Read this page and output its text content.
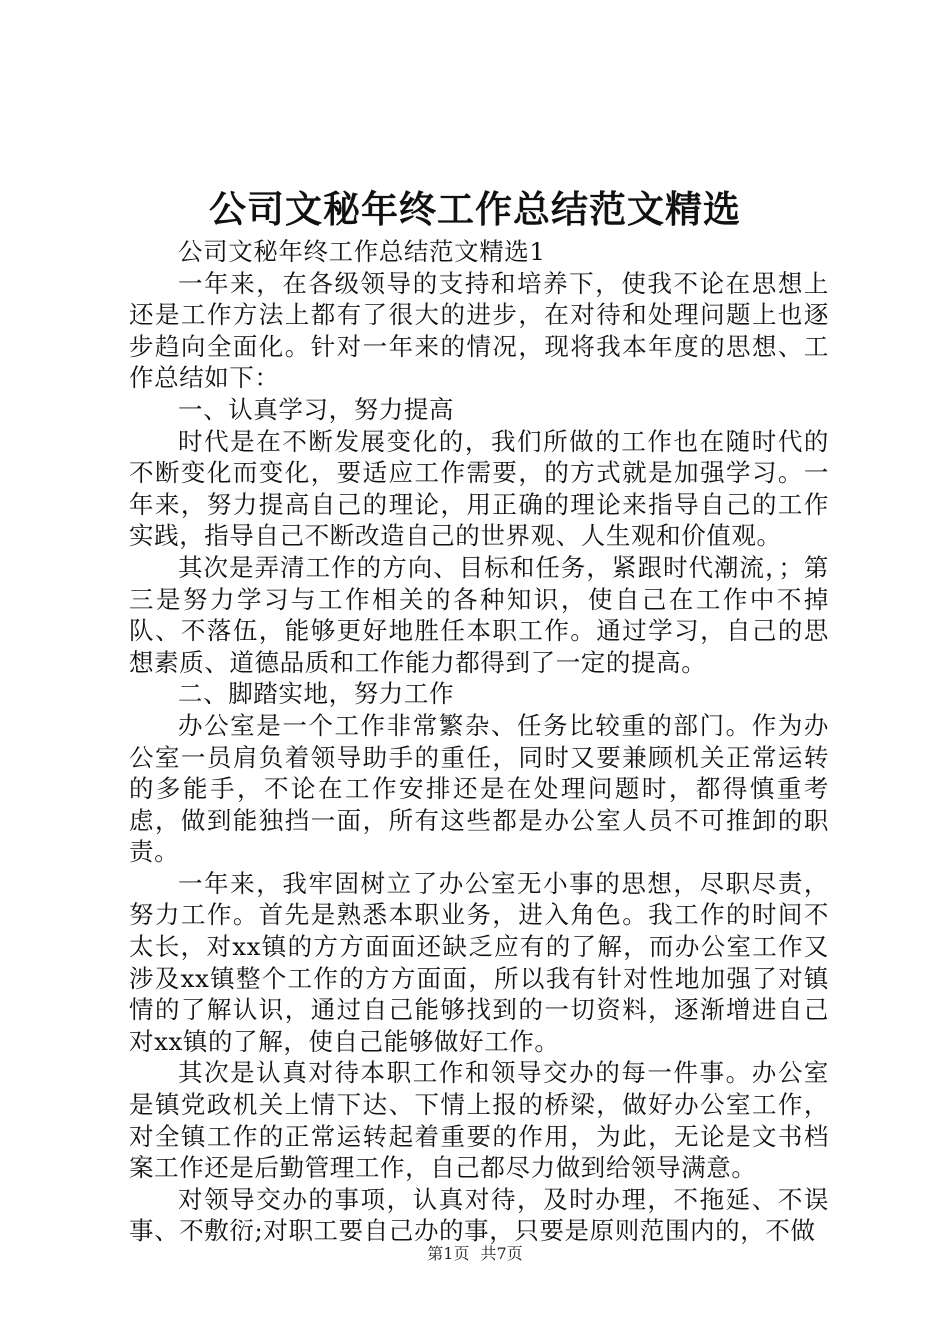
公司文秘年终工作总结范文精选

公司文秘年终工作总结范文精选1

一年来，在各级领导的支持和培养下，使我不论在思想上还是工作方法上都有了很大的进步，在对待和处理问题上也逐步趋向全面化。针对一年来的情况，现将我本年度的思想、工作总结如下：

一、认真学习，努力提高

时代是在不断发展变化的，我们所做的工作也在随时代的不断变化而变化，要适应工作需要，的方式就是加强学习。一年来，努力提高自己的理论，用正确的理论来指导自己的工作实践，指导自己不断改造自己的世界观、人生观和价值观。

其次是弄清工作的方向、目标和任务，紧跟时代潮流，；第三是努力学习与工作相关的各种知识，使自己在工作中不掉队、不落伍，能够更好地胜任本职工作。通过学习，自己的思想素质、道德品质和工作能力都得到了一定的提高。

二、脚踏实地，努力工作

办公室是一个工作非常繁杂、任务比较重的部门。作为办公室一员肩负着领导助手的重任，同时又要兼顾机关正常运转的多能手，不论在工作安排还是在处理问题时，都得慎重考虑，做到能独挡一面，所有这些都是办公室人员不可推卸的职责。

一年来，我牢固树立了办公室无小事的思想，尽职尽责，努力工作。首先是熟悉本职业务，进入角色。我工作的时间不太长，对xx镇的方方面面还缺乏应有的了解，而办公室工作又涉及xx镇整个工作的方方面面，所以我有针对性地加强了对镇情的了解认识，通过自己能够找到的一切资料，逐渐增进自己对xx镇的了解，使自己能够做好工作。

其次是认真对待本职工作和领导交办的每一件事。办公室是镇党政机关上情下达、下情上报的桥梁，做好办公室工作，对全镇工作的正常运转起着重要的作用，为此，无论是文书档案工作还是后勤管理工作，自己都尽力做到给领导满意。

对领导交办的事项，认真对待，及时办理，不拖延、不误事、不敷衍;对职工要自己办的事，只要是原则范围内的，不做

第1页 共7页
